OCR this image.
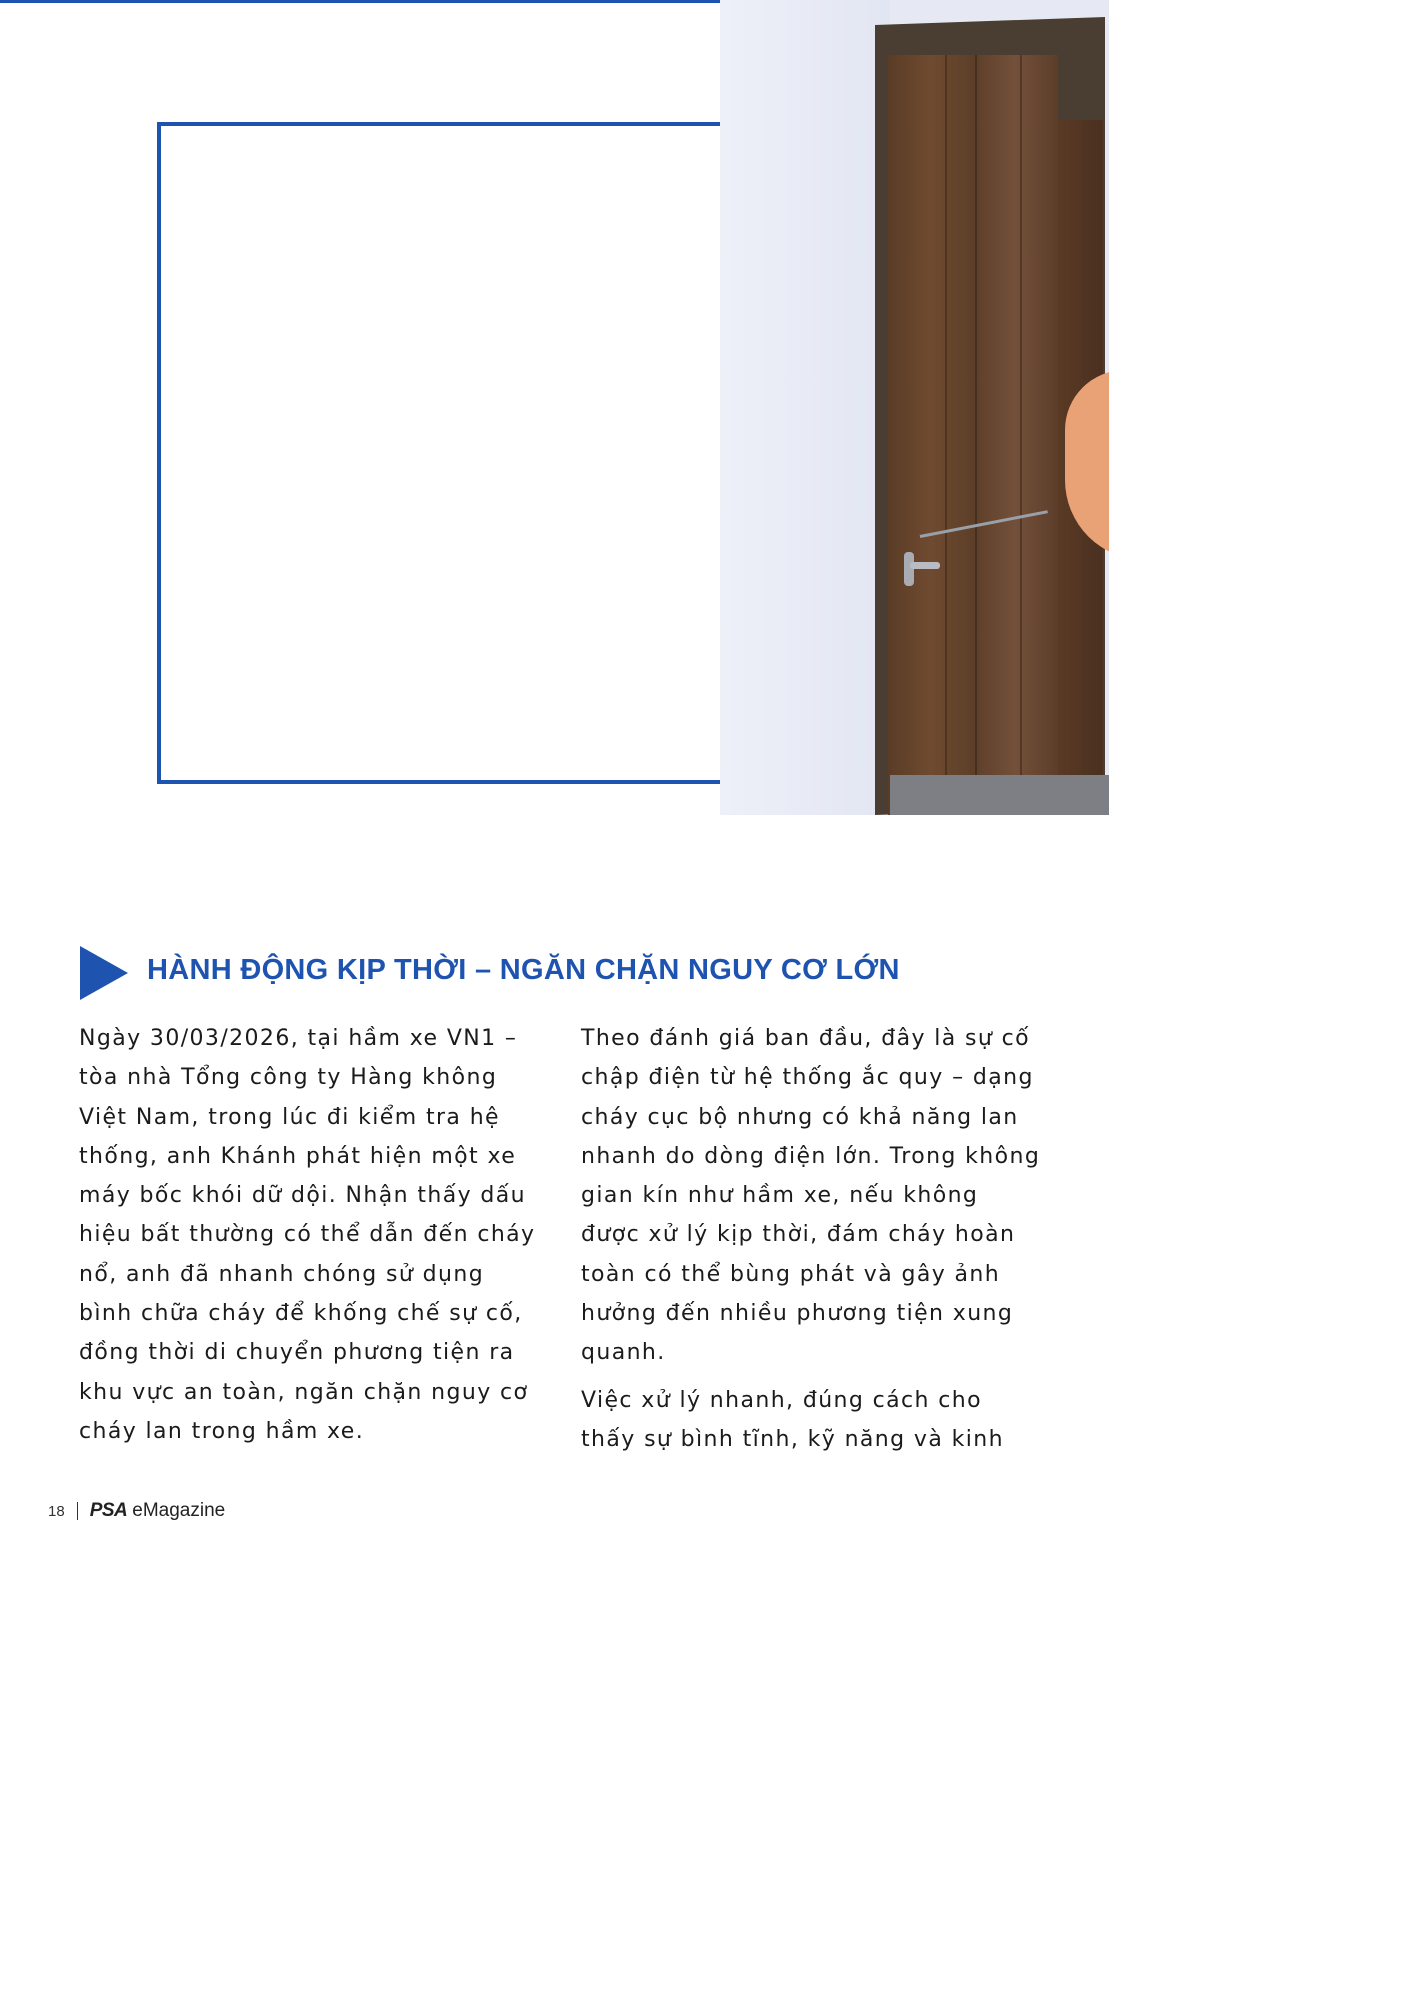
HÀNH ĐỘNG KỊP THỜI – NGĂN CHẶN NGUY CƠ LỚN

Ngày 30/03/2026, tại hầm xe VN1 – tòa nhà Tổng công ty Hàng không Việt Nam, trong lúc đi kiểm tra hệ thống, anh Khánh phát hiện một xe máy bốc khói dữ dội. Nhận thấy dấu hiệu bất thường có thể dẫn đến cháy nổ, anh đã nhanh chóng sử dụng bình chữa cháy để khống chế sự cố, đồng thời di chuyển phương tiện ra khu vực an toàn, ngăn chặn nguy cơ cháy lan trong hầm xe.

Theo đánh giá ban đầu, đây là sự cố chập điện từ hệ thống ắc quy – dạng cháy cục bộ nhưng có khả năng lan nhanh do dòng điện lớn. Trong không gian kín như hầm xe, nếu không được xử lý kịp thời, đám cháy hoàn toàn có thể bùng phát và gây ảnh hưởng đến nhiều phương tiện xung quanh.

Việc xử lý nhanh, đúng cách cho thấy sự bình tĩnh, kỹ năng và kinh

18 PSA eMagazine
